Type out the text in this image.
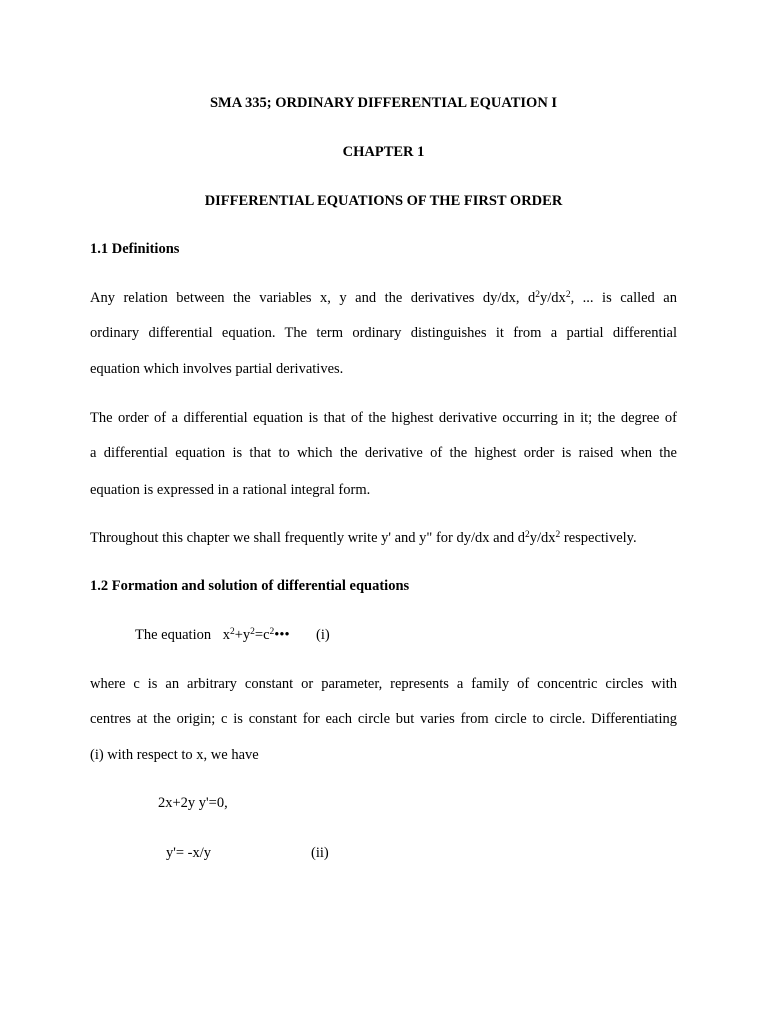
SMA 335; ORDINARY DIFFERENTIAL EQUATION I
CHAPTER 1
DIFFERENTIAL EQUATIONS OF THE FIRST ORDER
1.1 Definitions
Any relation between the variables x, y and the derivatives dy/dx, $d^2y/dx^2$, ... is called an
ordinary differential equation. The term ordinary distinguishes it from a partial differential
equation which involves partial derivatives.
The order of a differential equation is that of the highest derivative occurring in it; the degree of
a differential equation is that to which the derivative of the highest order is raised when the
equation is expressed in a rational integral form.
Throughout this chapter we shall frequently write y' and y" for dy/dx and $d^2y/dx^2$ respectively.
1.2 Formation and solution of differential equations
The equation $x^2+y^2=c^2•••$ (i)
where c is an arbitrary constant or parameter, represents a family of concentric circles with
centres at the origin; c is constant for each circle but varies from circle to circle. Differentiating
(i) with respect to x, we have
2x+2y y'=0,
y'= -x/y	(ii)
